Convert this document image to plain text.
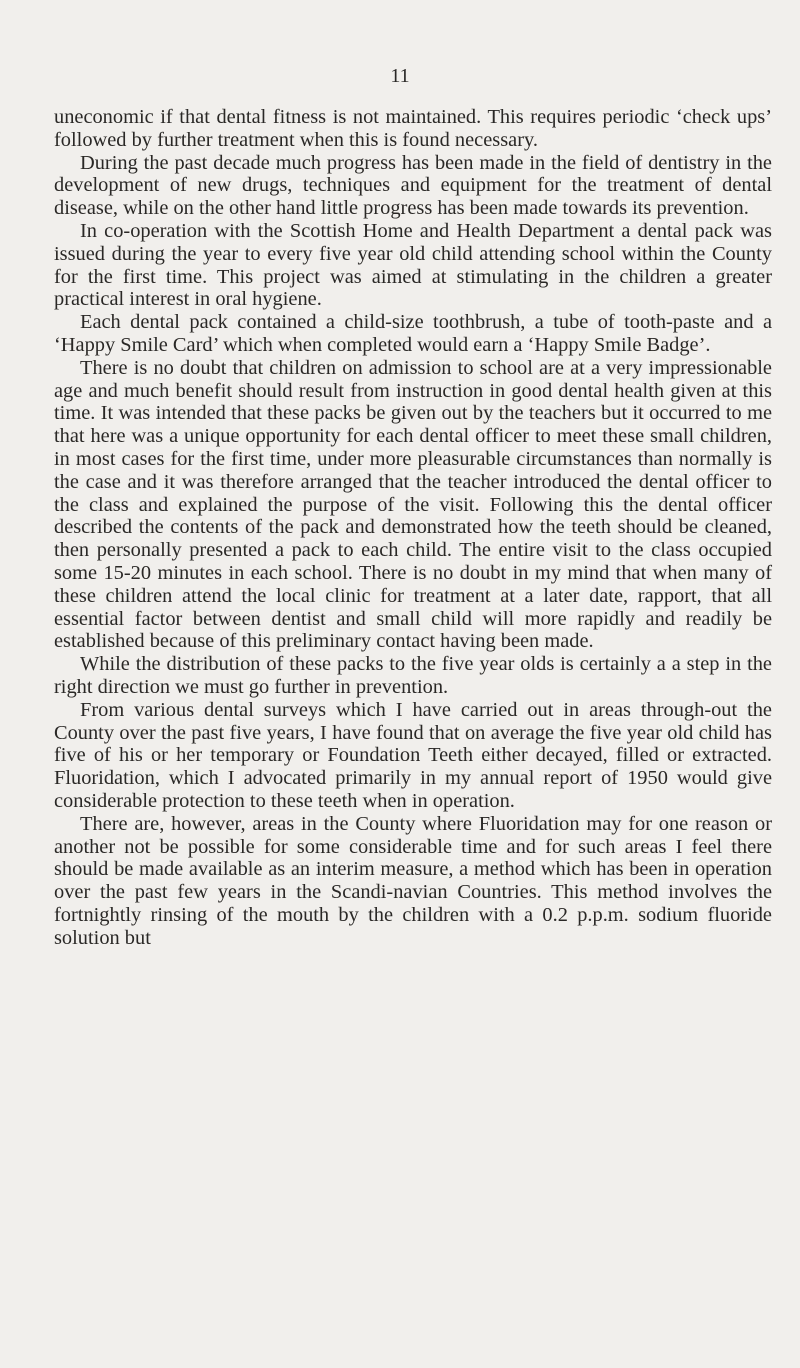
11

uneconomic if that dental fitness is not maintained. This requires periodic ‘check ups’ followed by further treatment when this is found necessary.

During the past decade much progress has been made in the field of dentistry in the development of new drugs, techniques and equipment for the treatment of dental disease, while on the other hand little progress has been made towards its prevention.

In co-operation with the Scottish Home and Health Department a dental pack was issued during the year to every five year old child attending school within the County for the first time. This project was aimed at stimulating in the children a greater practical interest in oral hygiene.

Each dental pack contained a child-size toothbrush, a tube of tooth-paste and a ‘Happy Smile Card’ which when completed would earn a ‘Happy Smile Badge’.

There is no doubt that children on admission to school are at a very impressionable age and much benefit should result from instruction in good dental health given at this time. It was intended that these packs be given out by the teachers but it occurred to me that here was a unique opportunity for each dental officer to meet these small children, in most cases for the first time, under more pleasurable circumstances than normally is the case and it was therefore arranged that the teacher introduced the dental officer to the class and explained the purpose of the visit. Following this the dental officer described the contents of the pack and demonstrated how the teeth should be cleaned, then personally presented a pack to each child. The entire visit to the class occupied some 15-20 minutes in each school. There is no doubt in my mind that when many of these children attend the local clinic for treatment at a later date, rapport, that all essential factor between dentist and small child will more rapidly and readily be established because of this preliminary contact having been made.

While the distribution of these packs to the five year olds is certainly a a step in the right direction we must go further in prevention.

From various dental surveys which I have carried out in areas through-out the County over the past five years, I have found that on average the five year old child has five of his or her temporary or Foundation Teeth either decayed, filled or extracted. Fluoridation, which I advocated primarily in my annual report of 1950 would give considerable protection to these teeth when in operation.

There are, however, areas in the County where Fluoridation may for one reason or another not be possible for some considerable time and for such areas I feel there should be made available as an interim measure, a method which has been in operation over the past few years in the Scandi-navian Countries. This method involves the fortnightly rinsing of the mouth by the children with a 0.2 p.p.m. sodium fluoride solution but
